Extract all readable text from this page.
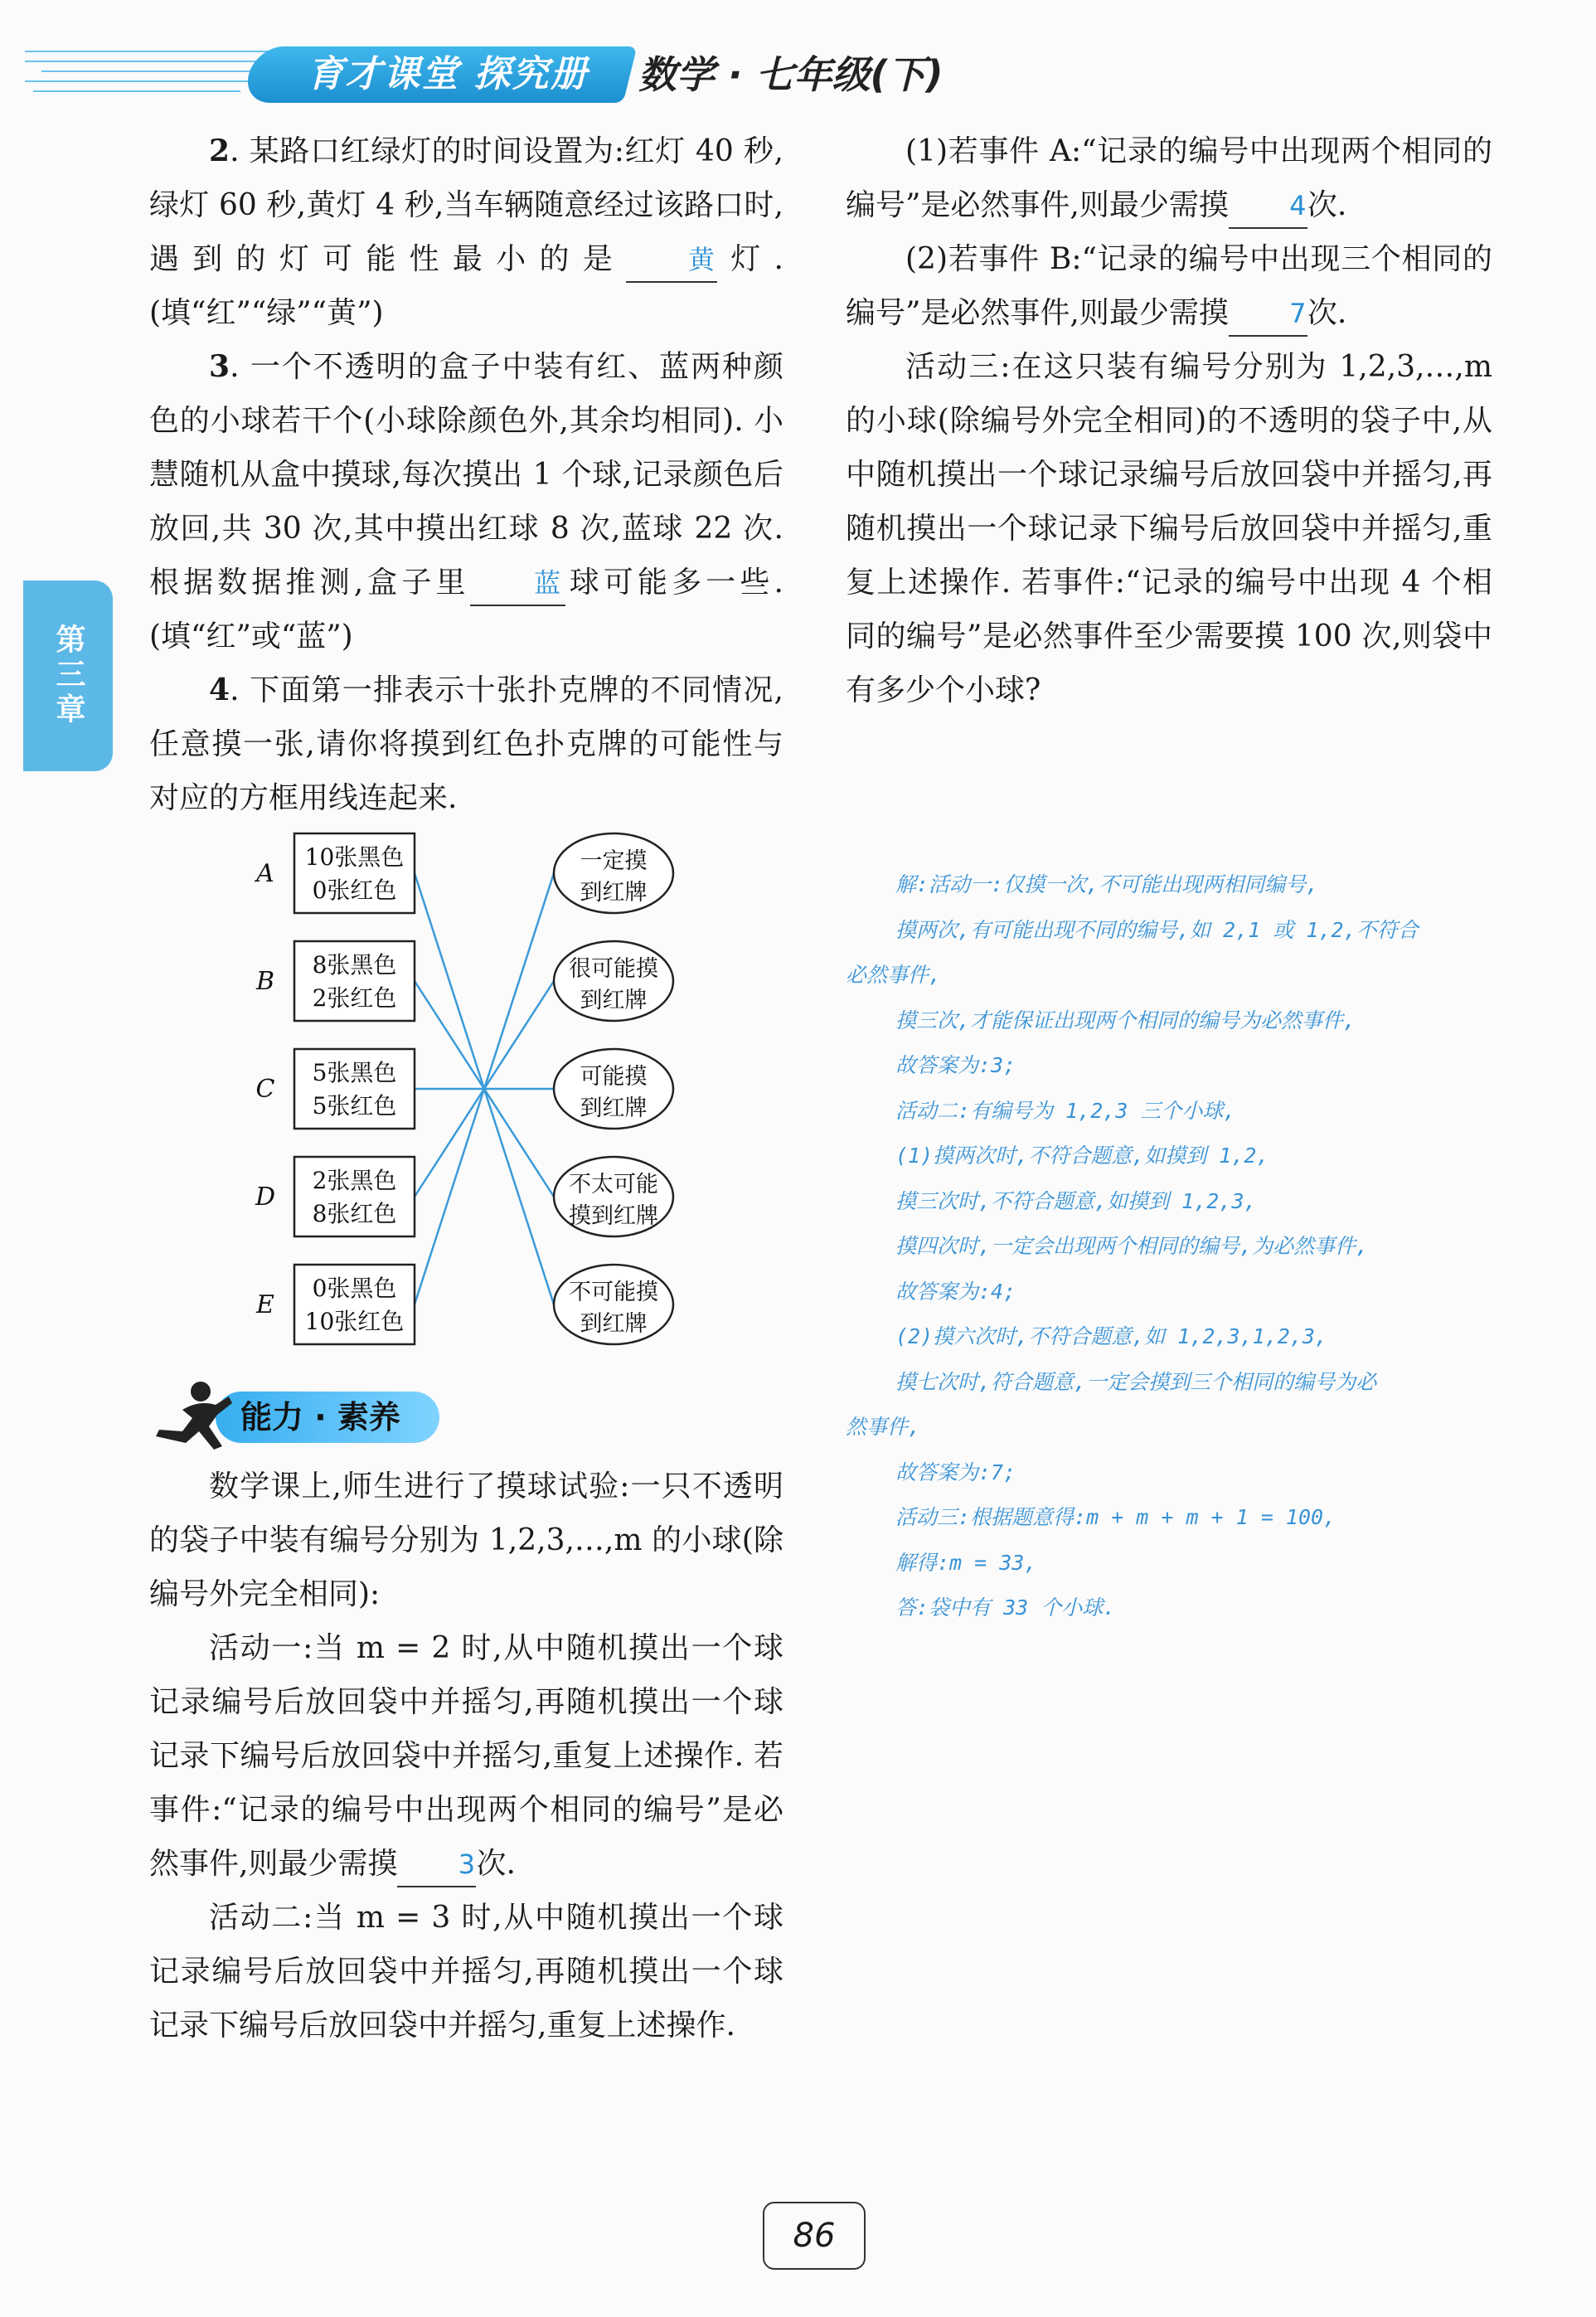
育才课堂 探究册	数学 · 七年级(下)
第三章

2. 某路口红绿灯的时间设置为:红灯 40 秒,绿灯 60 秒,黄灯 4 秒,当车辆随意经过该路口时,遇到的灯可能性最小的是 黄灯. (填“红”“绿”“黄”)

3. 一个不透明的盒子中装有红、蓝两种颜色的小球若干个(小球除颜色外,其余均相同). 小慧随机从盒中摸球,每次摸出 1 个球,记录颜色后放回,共 30 次,其中摸出红球 8 次,蓝球 22 次. 根据数据推测,盒子里 蓝 球可能多一些. (填“红”或“蓝”)

4. 下面第一排表示十张扑克牌的不同情况,任意摸一张,请你将摸到红色扑克牌的可能性与对应的方框用线连起来.

A
10张黑色
0张红色
B
8张黑色
2张红色
C
5张黑色
5张红色
D
2张黑色
8张红色
E
0张黑色
10张红色
一定摸
到红牌
很可能摸
到红牌
可能摸
到红牌
不太可能
摸到红牌
不可能摸
到红牌
能力 · 素养

数学课上,师生进行了摸球试验:一只不透明的袋子中装有编号分别为 1,2,3,…,m 的小球(除编号外完全相同):

活动一:当 m = 2 时,从中随机摸出一个球记录编号后放回袋中并摇匀,再随机摸出一个球记录下编号后放回袋中并摇匀,重复上述操作. 若事件:“记录的编号中出现两个相同的编号”是必然事件,则最少需摸 3次.

活动二:当 m = 3 时,从中随机摸出一个球记录编号后放回袋中并摇匀,再随机摸出一个球记录下编号后放回袋中并摇匀,重复上述操作.

(1)若事件 A:“记录的编号中出现两个相同的编号”是必然事件,则最少需摸 4次.

(2)若事件 B:“记录的编号中出现三个相同的编号”是必然事件,则最少需摸 7次.

活动三:在这只装有编号分别为 1,2,3,…,m 的小球(除编号外完全相同)的不透明的袋子中,从中随机摸出一个球记录编号后放回袋中并摇匀,再随机摸出一个球记录下编号后放回袋中并摇匀,重复上述操作. 若事件:“记录的编号中出现 4 个相同的编号”是必然事件至少需要摸 100 次,则袋中有多少个小球?

解:活动一:仅摸一次,不可能出现两相同编号,
摸两次,有可能出现不同的编号,如 2,1 或 1,2,不符合
必然事件,
摸三次,才能保证出现两个相同的编号为必然事件,
故答案为:3;
活动二:有编号为 1,2,3 三个小球,
(1)摸两次时,不符合题意,如摸到 1,2,
摸三次时,不符合题意,如摸到 1,2,3,
摸四次时,一定会出现两个相同的编号,为必然事件,
故答案为:4;
(2)摸六次时,不符合题意,如 1,2,3,1,2,3,
摸七次时,符合题意,一定会摸到三个相同的编号为必
然事件,
故答案为:7;
活动三:根据题意得:m + m + m + 1 = 100,
解得:m = 33,
答:袋中有 33 个小球.
86
